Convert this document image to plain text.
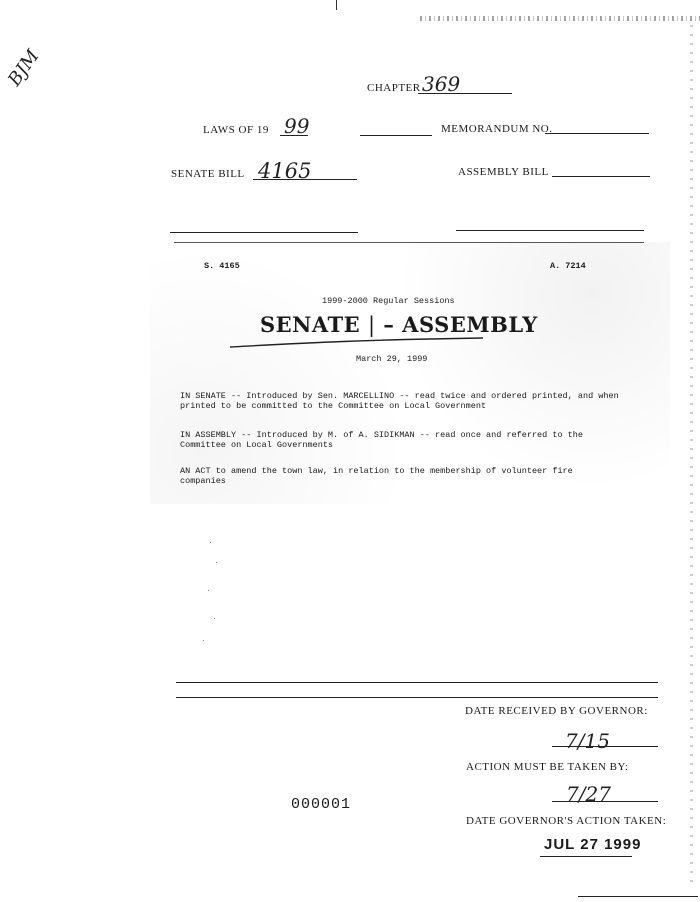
BJM	CHAPTER 369
LAWS OF 19 99	MEMORANDUM NO.
SENATE BILL 4165	ASSEMBLY BILL
S. 4165	A. 7214
1999-2000 Regular Sessions
SENATE | – ASSEMBLY
March 29, 1999
IN SENATE -- Introduced by Sen. MARCELLINO -- read twice and ordered printed, and when printed to be committed to the Committee on Local Government
IN ASSEMBLY -- Introduced by M. of A. SIDIKMAN -- read once and referred to the Committee on Local Governments
AN ACT to amend the town law, in relation to the membership of volunteer fire companies
DATE RECEIVED BY GOVERNOR:
7/15
ACTION MUST BE TAKEN BY:
7/27
000001
DATE GOVERNOR'S ACTION TAKEN:
JUL 27 1999
